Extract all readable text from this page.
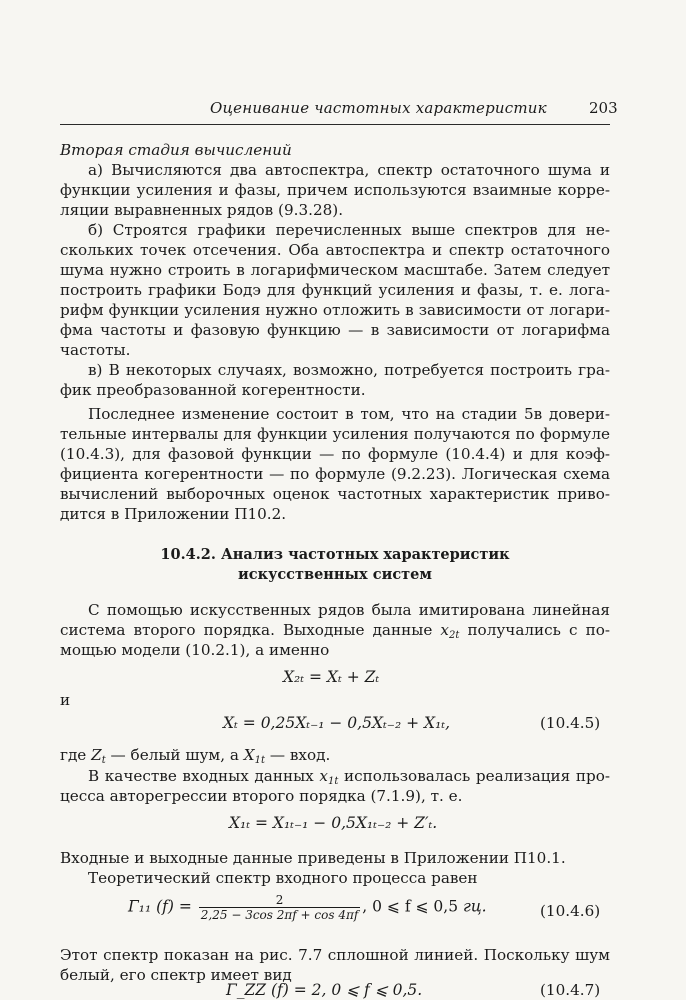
Оценивание частотных характеристик	203
Вторая стадия вычислений
а) Вычисляются два автоспектра, спектр остаточного шума и
функции усиления и фазы, причем используются взаимные корре-
ляции выравненных рядов (9.3.28).
б) Строятся графики перечисленных выше спектров для не-
скольких точек отсечения. Оба автоспектра и спектр остаточного
шума нужно строить в логарифмическом масштабе. Затем следует
построить графики Бодэ для функций усиления и фазы, т. е. лога-
рифм функции усиления нужно отложить в зависимости от логари-
фма частоты и фазовую функцию — в зависимости от логарифма
частоты.
в) В некоторых случаях, возможно, потребуется построить гра-
фик преобразованной когерентности.
Последнее изменение состоит в том, что на стадии 5в довери-
тельные интервалы для функции усиления получаются по формуле
(10.4.3), для фазовой функции — по формуле (10.4.4) и для коэф-
фициента когерентности — по формуле (9.2.23). Логическая схема
вычислений выборочных оценок частотных характеристик приво-
дится в Приложении П10.2.
10.4.2. Анализ частотных характеристик
искусственных систем
С помощью искусственных рядов была имитирована линейная
система второго порядка. Выходные данные $x_{2t}$ получались с по-
мощью модели (10.2.1), а именно
X₂ₜ = Xₜ + Zₜ
и
Xₜ = 0,25Xₜ₋₁ − 0,5Xₜ₋₂ + X₁ₜ,	(10.4.5)
где $Z_t$ — белый шум, а $X_{1t}$ — вход.
В качестве входных данных $x_{1t}$ использовалась реализация про-
цесса авторегрессии второго порядка (7.1.9), т. е.
X₁ₜ = X₁ₜ₋₁ − 0,5X₁ₜ₋₂ + Z′ₜ.
Входные и выходные данные приведены в Приложении П10.1.
Теоретический спектр входного процесса равен
Γ₁₁ $(f) = \frac{2}{2,25 - 3\cos 2\pi f + \cos 4\pi f}$ , 0 ⩽ f ⩽ 0,5 гц.	(10.4.6)
Этот спектр показан на рис. 7.7 сплошной линией. Поскольку шум
белый, его спектр имеет вид
Γ_ZZ (f) = 2, 0 ⩽ f ⩽ 0,5.	(10.4.7)
